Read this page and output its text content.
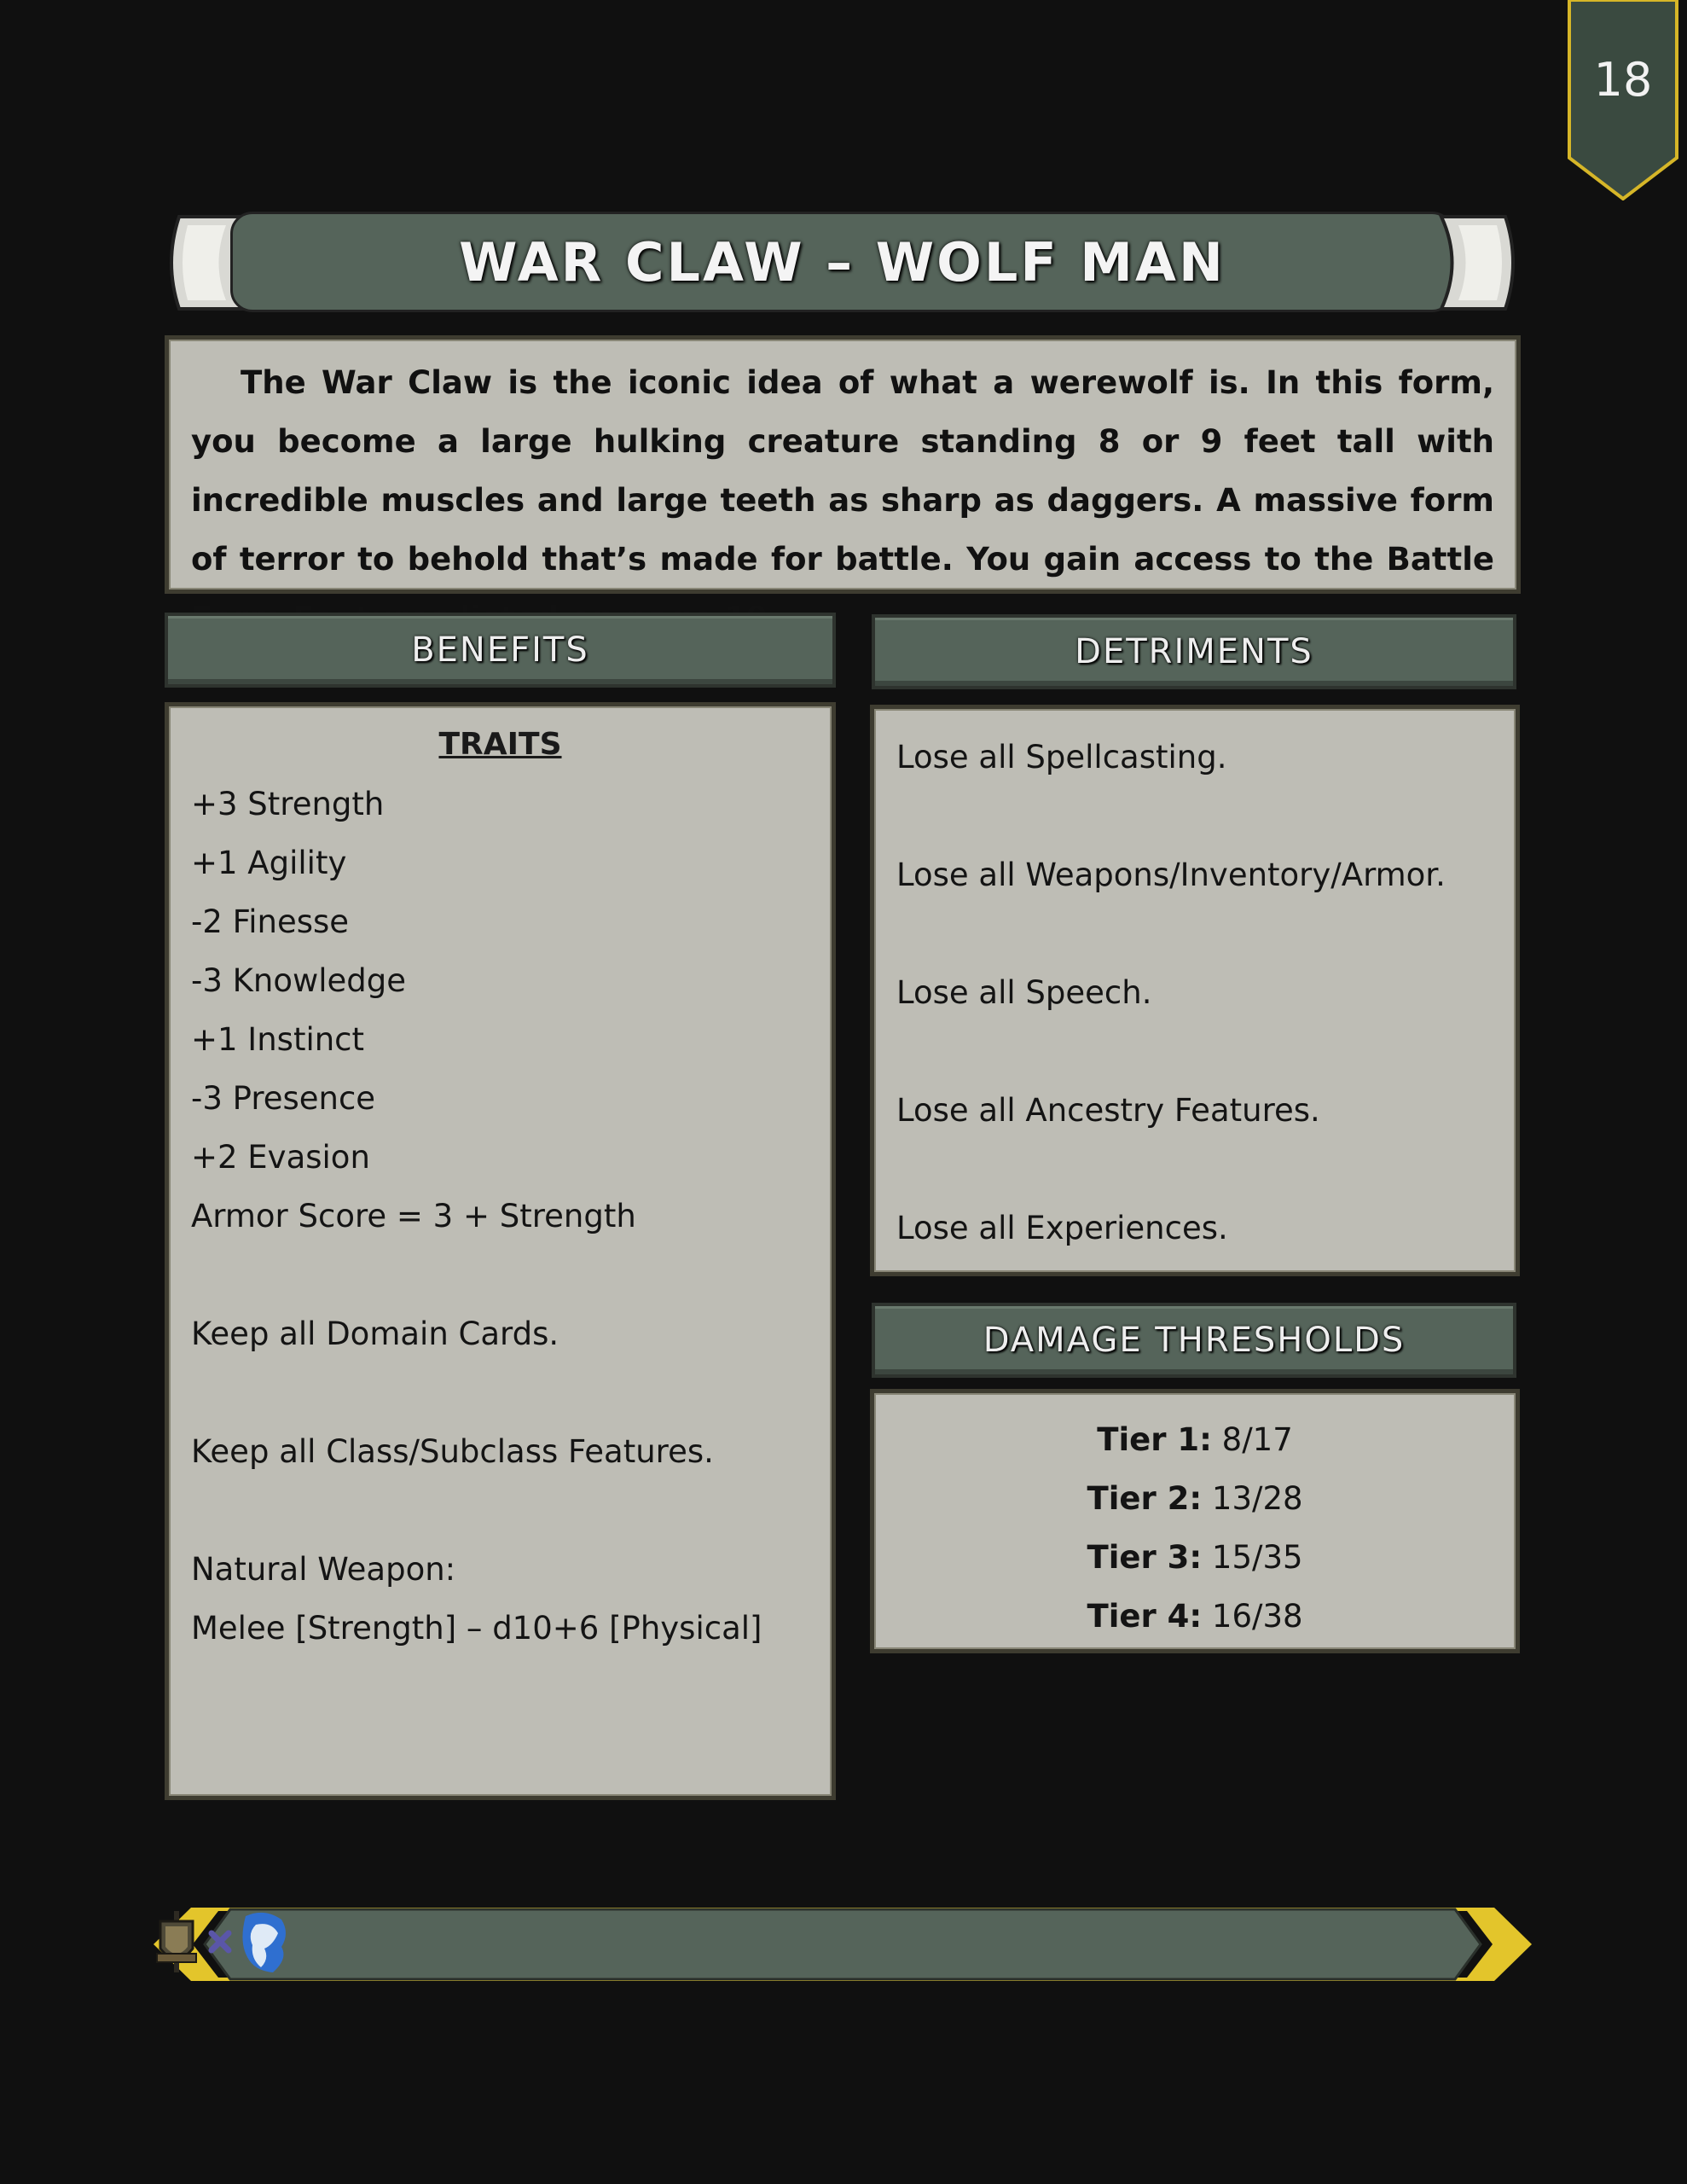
18
WAR CLAW – WOLF MAN

The War Claw is the iconic idea of what a werewolf is. In this form, you become a large hulking creature standing 8 or 9 feet tall with incredible muscles and large teeth as sharp as daggers. A massive form of terror to behold that’s made for battle. You gain access to the Battle

BENEFITS	DETRIMENTS
TRAITS
+3 Strength
+1 Agility
-2 Finesse
-3 Knowledge
+1 Instinct
-3 Presence
+2 Evasion
Armor Score = 3 + Strength
Keep all Domain Cards.
Keep all Class/Subclass Features.
Natural Weapon:
Melee [Strength] – d10+6 [Physical]
Lose all Spellcasting.
Lose all Weapons/Inventory/Armor.
Lose all Speech.
Lose all Ancestry Features.
Lose all Experiences.
DAMAGE THRESHOLDS
Tier 1: 8/17
Tier 2: 13/28
Tier 3: 15/35
Tier 4: 16/38
